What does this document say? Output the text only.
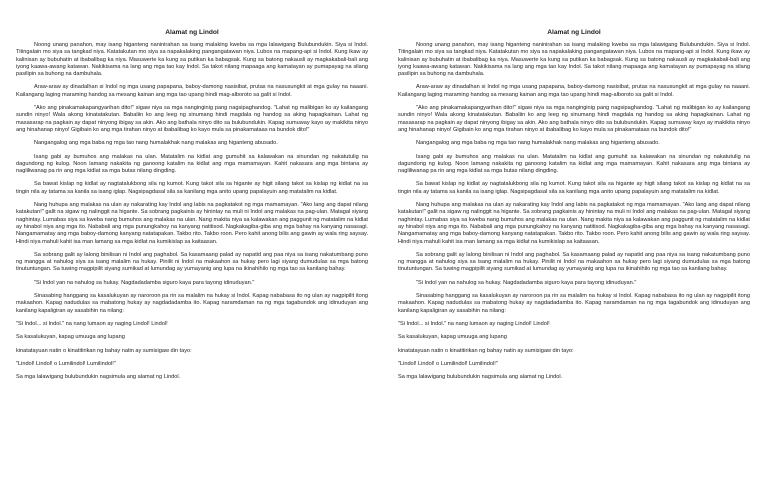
Alamat ng Lindol

Noong unang panahon, may isang higanteng naninirahan sa isang malaking kweba sa mga lalawigang Bulubundukin. Siya si Indol. Titingalain mo siya sa tangkad niya. Katatakutan mo siya sa napakalaking pangangatawan niya. Lubos na mapang-api si Indol. Kung ikaw ay kalinisan ay bubuhatin at ibabalibag ka niya. Masuwerte ka kung sa putikan ka babagsak. Kung sa batong nakausli ay magkakabali-bali ang iyong kaawa-awang katawan. Nakikisama na lang ang mga tao kay Indol. Sa takot nilang mapaaga ang kamatayan ay pumapayag na silang pasilipin sa buhong na dambuhala.

Araw-araw ay dinadalhan si Indol ng mga usang papapana, baboy-damong nasisibat, prutas na nasusungkit at mga gulay na naaani. Kailangang laging maraming handog sa mesang kainan ang mga tao upang hindi mag-alboroto sa galit si Indol.

"Ako ang pinakamakapangyarihan dito!" sigaw niya sa mga nanginginig pang nagsipaghandog. "Lahat ng malibigan ko ay kailangang sundin ninyo! Wala akong kinatatakutan. Babaliin ko ang leeg ng sinumang hindi magdala ng handog sa aking hapagkainan. Lahat ng masasarap na pagkain ay dapat ninyong ibigay sa akin. Ako ang bathala ninyo dito sa bulubundukin. Kapag sumuway kayo ay makikita ninyo ang hinahanap ninyo! Gigibain ko ang mga tirahan ninyo at ibabalibag ko kayo mula sa pinakamataas na bundok dito!"

Nangangalog ang mga baba ng mga tao nang humalakhak nang malakas ang higanteng abusado.

Isang gabi ay bumuhos ang malakas na ulan. Matatalim na kidlat ang gumuhit sa kalawakan na sinundan ng nakatutulig na dagundong ng kulog. Noon lamang nakakita ng ganoong katalim na kidlat ang mga mamamayan. Kahit nakasara ang mga bintana ay nagliliwanag pa rin ang mga kidlat sa mga butas nilang dingding.

Sa bawat kislap ng kidlat ay nagtatalukbong sila ng kumot. Kung takot sila sa higante ay higit silang takot sa kislap ng kidlat na sa tingin nila ay tatama sa kanila sa isang iglap. Nagsipagdasal sila sa kanilang mga anito upang papalayuin ang matatalim na kidlat.

Nang huhupa ang malakas na ulan ay nakarating kay Indol ang labis na pagkatakot ng mga mamamayan. "Ako lang ang dapat nilang katakutan!" galit na sigaw ng nalinggit na higante. Sa sobrang pagkainis ay hinintay na muli ni Indol ang malakas na pag-ulan. Matagal siyang naghintay. Lumabas siya sa kweba nang bumuhos ang malakas na ulan. Nang makita niya sa kalawakan ang paggunit ng matatalim na kidlat ay hinabol niya ang mga ito. Nababali ang mga punungkahoy na kanyang natitisod. Nagkakagiba-giba ang mga bahay na kanyang nasasagi. Nangamamatay ang mga baboy-damong kanyang natatapakan. Takbo rito. Takbo roon. Pero kahit anong bilis ang gawin ay wala ring saysay. Hindi niya mahuli kahit isa man lamang sa mga kidlat na kumikislap sa kaitaasan.

Sa sobrang galit ay lalong binilisan ni Indol ang paghabol. Sa kasamaang palad ay napatid ang paa niya sa isang nakatumbang puno ng mangga at nahulog siya sa isang malalim na hukay. Pinilit ni Indol na makaahon sa hukay pero lagi siyang dumudulas sa mga batong tinutuntungan. Sa tuwing magpipilit siyang sumikad at lumundag ay yumayanig ang lupa na ikinahihilo ng mga tao sa kanilang bahay.

"Si Indol yan na nahulog sa hukay. Nagdadadamba siguro kaya para tayong idinuduyan."

Sinasabing hanggang sa kasalukuyan ay naroroon pa rin sa malalim na hukay si Indol. Kapag nababasa ito ng ulan ay nagpipilit itong makaahon. Kapag nadudulas sa mabatong hukay ay nagdadadamba ito. Kapag naramdaman na ng mga tagabundok ang idinuduyan ang kanilang kapaligiran ay sasabihin na nilang:

"Si Indol... si Indol." na nang lumaon ay naging Lindol! Lindol!

Sa kasalukuyan, kapag umuuga ang lupang

kinatatayuan natin o kinatitirikan ng bahay natin ay sumisigaw din tayo:

"Lindol! Lindol! o Lumilindol! Lumilindol!"

Sa mga lalawigang bulubundukin nagsimula ang alamat ng Lindol.

Alamat ng Lindol

Noong unang panahon, may isang higanteng naninirahan sa isang malaking kweba sa mga lalawigang Bulubundukin. Siya si Indol. Titingalain mo siya sa tangkad niya. Katatakutan mo siya sa napakalaking pangangatawan niya. Lubos na mapang-api si Indol. Kung ikaw ay kalinisan ay bubuhatin at ibabalibag ka niya. Masuwerte ka kung sa putikan ka babagsak. Kung sa batong nakausli ay magkakabali-bali ang iyong kaawa-awang katawan. Nakikisama na lang ang mga tao kay Indol. Sa takot nilang mapaaga ang kamatayan ay pumapayag na silang pasilipin sa buhong na dambuhala.

Araw-araw ay dinadalhan si Indol ng mga usang papapana, baboy-damong nasisibat, prutas na nasusungkit at mga gulay na naaani. Kailangang laging maraming handog sa mesang kainan ang mga tao upang hindi mag-alboroto sa galit si Indol.

"Ako ang pinakamakapangyarihan dito!" sigaw niya sa mga nanginginig pang nagsipaghandog. "Lahat ng malibigan ko ay kailangang sundin ninyo! Wala akong kinatatakutan. Babaliin ko ang leeg ng sinumang hindi magdala ng handog sa aking hapagkainan. Lahat ng masasarap na pagkain ay dapat ninyong ibigay sa akin. Ako ang bathala ninyo dito sa bulubundukin. Kapag sumuway kayo ay makikita ninyo ang hinahanap ninyo! Gigibain ko ang mga tirahan ninyo at ibabalibag ko kayo mula sa pinakamataas na bundok dito!"

Nangangalog ang mga baba ng mga tao nang humalakhak nang malakas ang higanteng abusado.

Isang gabi ay bumuhos ang malakas na ulan. Matatalim na kidlat ang gumuhit sa kalawakan na sinundan ng nakatutulig na dagundong ng kulog. Noon lamang nakakita ng ganoong katalim na kidlat ang mga mamamayan. Kahit nakasara ang mga bintana ay nagliliwanag pa rin ang mga kidlat sa mga butas nilang dingding.

Sa bawat kislap ng kidlat ay nagtatalukbong sila ng kumot. Kung takot sila sa higante ay higit silang takot sa kislap ng kidlat na sa tingin nila ay tatama sa kanila sa isang iglap. Nagsipagdasal sila sa kanilang mga anito upang papalayuin ang matatalim na kidlat.

Nang huhupa ang malakas na ulan ay nakarating kay Indol ang labis na pagkatakot ng mga mamamayan. "Ako lang ang dapat nilang katakutan!" galit na sigaw ng nalinggit na higante. Sa sobrang pagkainis ay hinintay na muli ni Indol ang malakas na pag-ulan. Matagal siyang naghintay. Lumabas siya sa kweba nang bumuhos ang malakas na ulan. Nang makita niya sa kalawakan ang paggunit ng matatalim na kidlat ay hinabol niya ang mga ito. Nababali ang mga punungkahoy na kanyang natitisod. Nagkakagiba-giba ang mga bahay na kanyang nasasagi. Nangamamatay ang mga baboy-damong kanyang natatapakan. Takbo rito. Takbo roon. Pero kahit anong bilis ang gawin ay wala ring saysay. Hindi niya mahuli kahit isa man lamang sa mga kidlat na kumikislap sa kaitaasan.

Sa sobrang galit ay lalong binilisan ni Indol ang paghabol. Sa kasamaang palad ay napatid ang paa niya sa isang nakatumbang puno ng mangga at nahulog siya sa isang malalim na hukay. Pinilit ni Indol na makaahon sa hukay pero lagi siyang dumudulas sa mga batong tinutuntungan. Sa tuwing magpipilit siyang sumikad at lumundag ay yumayanig ang lupa na ikinahihilo ng mga tao sa kanilang bahay.

"Si Indol yan na nahulog sa hukay. Nagdadadamba siguro kaya para tayong idinuduyan."

Sinasabing hanggang sa kasalukuyan ay naroroon pa rin sa malalim na hukay si Indol. Kapag nababasa ito ng ulan ay nagpipilit itong makaahon. Kapag nadudulas sa mabatong hukay ay nagdadadamba ito. Kapag naramdaman na ng mga tagabundok ang idinuduyan ang kanilang kapaligiran ay sasabihin na nilang:

"Si Indol... si Indol." na nang lumaon ay naging Lindol! Lindol!

Sa kasalukuyan, kapag umuuga ang lupang

kinatatayuan natin o kinatitirikan ng bahay natin ay sumisigaw din tayo:

"Lindol! Lindol! o Lumilindol! Lumilindol!"

Sa mga lalawigang bulubundukin nagsimula ang alamat ng Lindol.
